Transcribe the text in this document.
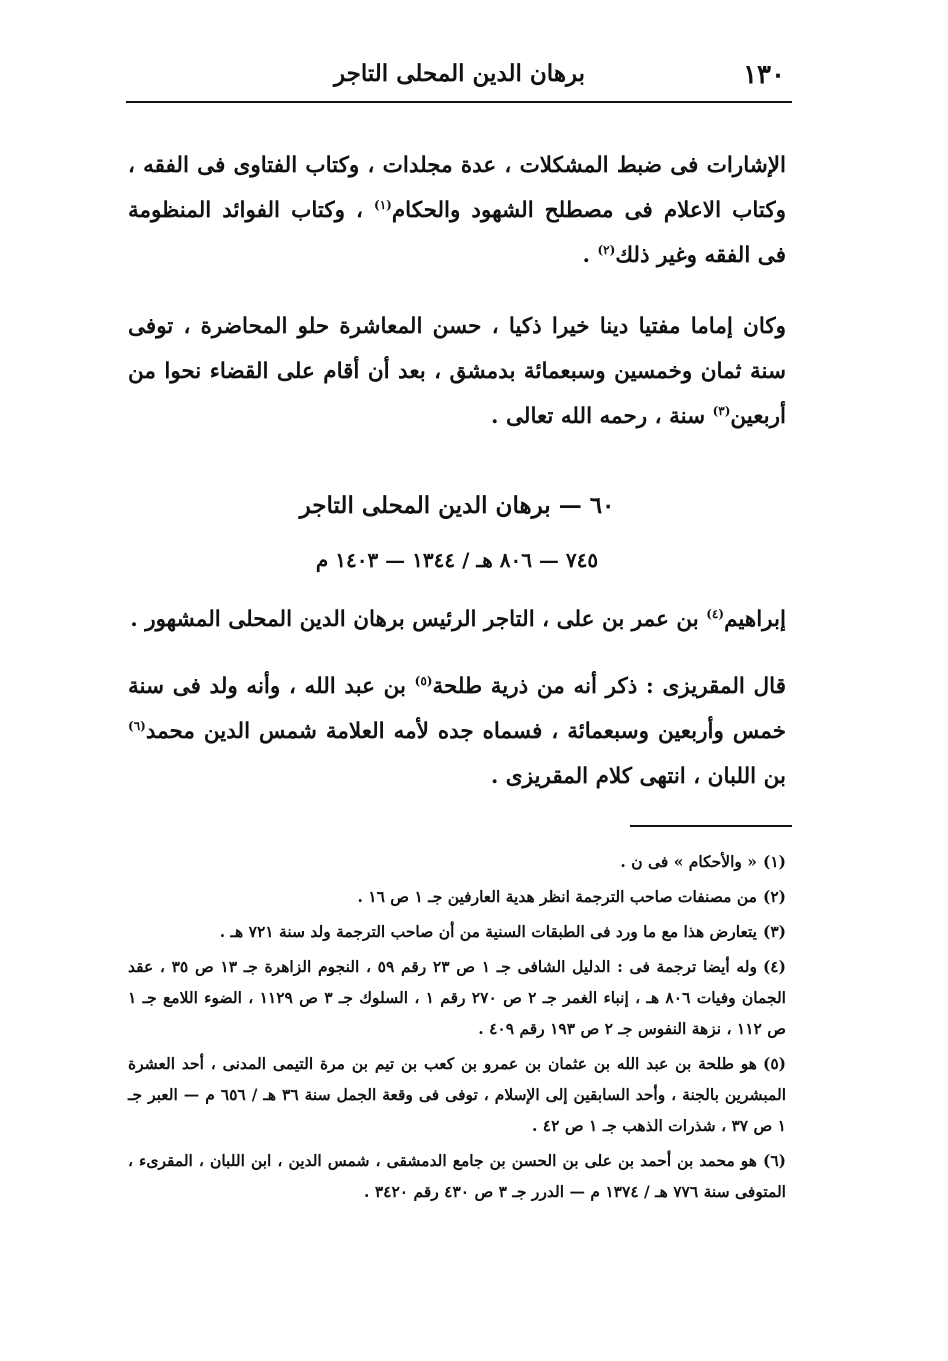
١٣٠
برهان الدين المحلى التاجر

الإشارات فى ضبط المشكلات ، عدة مجلدات ، وكتاب الفتاوى فى الفقه ، وكتاب الاعلام فى مصطلح الشهود والحكام$^{(١)}$ ، وكتاب الفوائد المنظومة فى الفقه وغير ذلك$^{(٢)}$ .

وكان إماما مفتيا دينا خيرا ذكيا ، حسن المعاشرة حلو المحاضرة ، توفى سنة ثمان وخمسين وسبعمائة بدمشق ، بعد أن أقام على القضاء نحوا من أربعين$^{(٣)}$ سنة ، رحمه الله تعالى .

٦٠ — برهان الدين المحلى التاجر
٧٤٥ — ٨٠٦ هـ / ١٣٤٤ — ١٤٠٣ م

إبراهيم$^{(٤)}$ بن عمر بن على ، التاجر الرئيس برهان الدين المحلى المشهور .

قال المقريزى : ذكر أنه من ذرية طلحة$^{(٥)}$ بن عبد الله ، وأنه ولد فى سنة خمس وأربعين وسبعمائة ، فسماه جده لأمه العلامة شمس الدين محمد$^{(٦)}$ بن اللبان ، انتهى كلام المقريزى .

(١)« والأحكام » فى ن .

(٢)من مصنفات صاحب الترجمة انظر هدية العارفين جـ ١ ص ١٦ .

(٣)يتعارض هذا مع ما ورد فى الطبقات السنية من أن صاحب الترجمة ولد سنة ٧٢١ هـ .

(٤)وله أيضا ترجمة فى : الدليل الشافى جـ ١ ص ٢٣ رقم ٥٩ ، النجوم الزاهرة جـ ١٣ ص ٣٥ ، عقد الجمان وفيات ٨٠٦ هـ ، إنباء الغمر جـ ٢ ص ٢٧٠ رقم ١ ، السلوك جـ ٣ ص ١١٢٩ ، الضوء اللامع جـ ١ ص ١١٢ ، نزهة النفوس جـ ٢ ص ١٩٣ رقم ٤٠٩ .

(٥)هو طلحة بن عبد الله بن عثمان بن عمرو بن كعب بن تيم بن مرة التيمى المدنى ، أحد العشرة المبشرين بالجنة ، وأحد السابقين إلى الإسلام ، توفى فى وقعة الجمل سنة ٣٦ هـ / ٦٥٦ م — العبر جـ ١ ص ٣٧ ، شذرات الذهب جـ ١ ص ٤٢ .

(٦)هو محمد بن أحمد بن على بن الحسن بن جامع الدمشقى ، شمس الدين ، ابن اللبان ، المقرىء ، المتوفى سنة ٧٧٦ هـ / ١٣٧٤ م — الدرر جـ ٣ ص ٤٣٠ رقم ٣٤٢٠ .
